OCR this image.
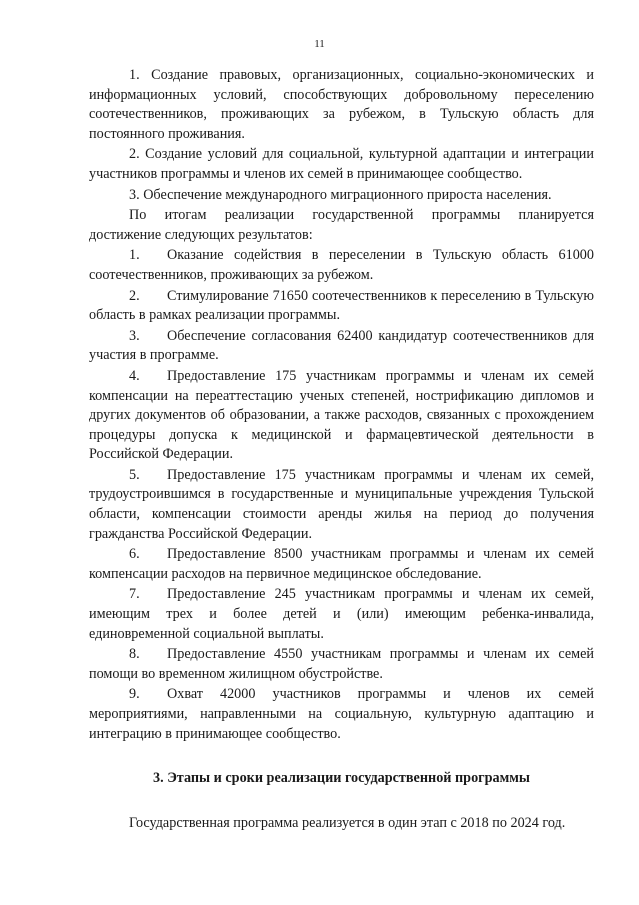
11

1. Создание правовых, организационных, социально-экономических и информационных условий, способствующих добровольному переселению соотечественников, проживающих за рубежом, в Тульскую область для постоянного проживания.

2. Создание условий для социальной, культурной адаптации и интеграции участников программы и членов их семей в принимающее сообщество.

3. Обеспечение международного миграционного прироста населения.

По итогам реализации государственной программы планируется достижение следующих результатов:

1. Оказание содействия в переселении в Тульскую область 61000 соотечественников, проживающих за рубежом.

2. Стимулирование 71650 соотечественников к переселению в Тульскую область в рамках реализации программы.

3. Обеспечение согласования 62400 кандидатур соотечественников для участия в программе.

4. Предоставление 175 участникам программы и членам их семей компенсации на переаттестацию ученых степеней, нострификацию дипломов и других документов об образовании, а также расходов, связанных с прохождением процедуры допуска к медицинской и фармацевтической деятельности в Российской Федерации.

5. Предоставление 175 участникам программы и членам их семей, трудоустроившимся в государственные и муниципальные учреждения Тульской области, компенсации стоимости аренды жилья на период до получения гражданства Российской Федерации.

6. Предоставление 8500 участникам программы и членам их семей компенсации расходов на первичное медицинское обследование.

7. Предоставление 245 участникам программы и членам их семей, имеющим трех и более детей и (или) имеющим ребенка-инвалида, единовременной социальной выплаты.

8. Предоставление 4550 участникам программы и членам их семей помощи во временном жилищном обустройстве.

9. Охват 42000 участников программы и членов их семей мероприятиями, направленными на социальную, культурную адаптацию и интеграцию в принимающее сообщество.

3. Этапы и сроки реализации государственной программы

Государственная программа реализуется в один этап с 2018 по 2024 год.
